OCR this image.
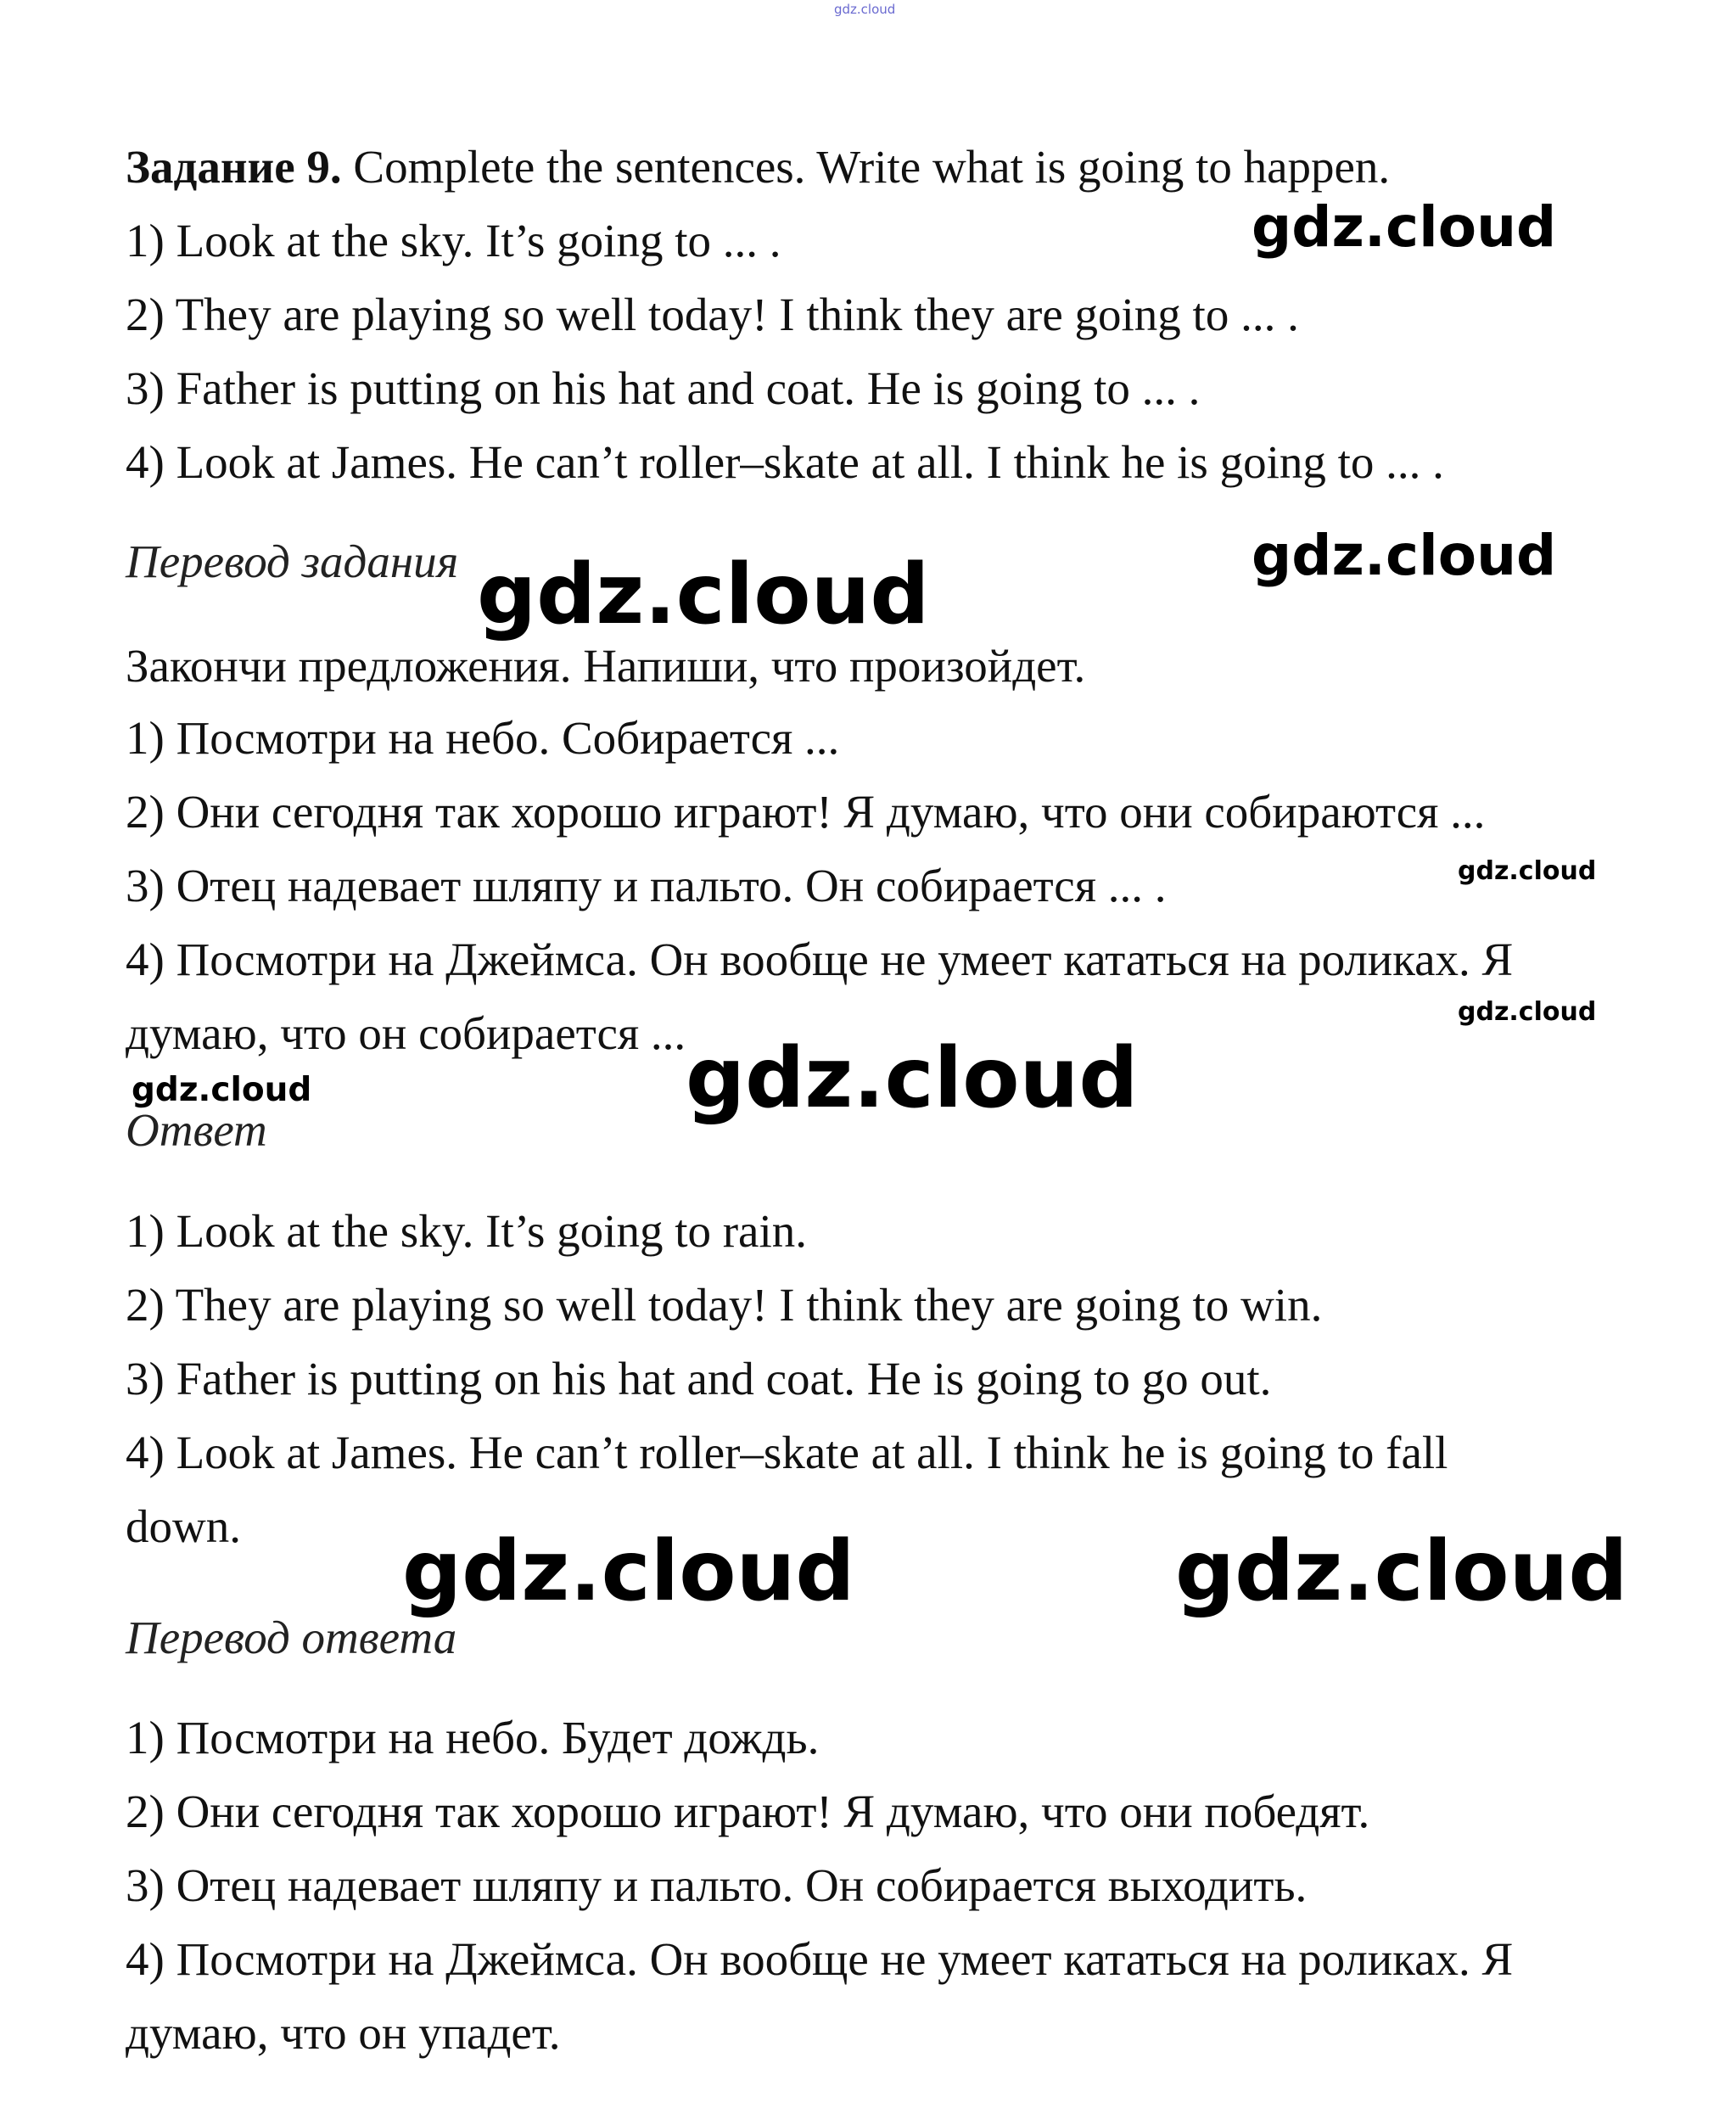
gdz.cloud
Задание 9. Complete the sentences. Write what is going to happen.
1) Look at the sky. It’s going to ... .
2) They are playing so well today! I think they are going to ... .
3) Father is putting on his hat and coat. He is going to ... .
4) Look at James. He can’t roller–skate at all. I think he is going to ... .
Перевод задания
Закончи предложения. Напиши, что произойдет.
1) Посмотри на небо. Собирается ...
2) Они сегодня так хорошо играют! Я думаю, что они собираются ...
3) Отец надевает шляпу и пальто. Он собирается ... .
4) Посмотри на Джеймса. Он вообще не умеет кататься на роликах. Я
думаю, что он собирается ...
Ответ
1) Look at the sky. It’s going to rain.
2) They are playing so well today! I think they are going to win.
3) Father is putting on his hat and coat. He is going to go out.
4) Look at James. He can’t roller–skate at all. I think he is going to fall
down.
Перевод ответа
1) Посмотри на небо. Будет дождь.
2) Они сегодня так хорошо играют! Я думаю, что они победят.
3) Отец надевает шляпу и пальто. Он собирается выходить.
4) Посмотри на Джеймса. Он вообще не умеет кататься на роликах. Я
думаю, что он упадет.
gdz.cloud
gdz.cloud
gdz.cloud
gdz.cloud
gdz.cloud
gdz.cloud	gdz.cloud
gdz.cloud	gdz.cloud
